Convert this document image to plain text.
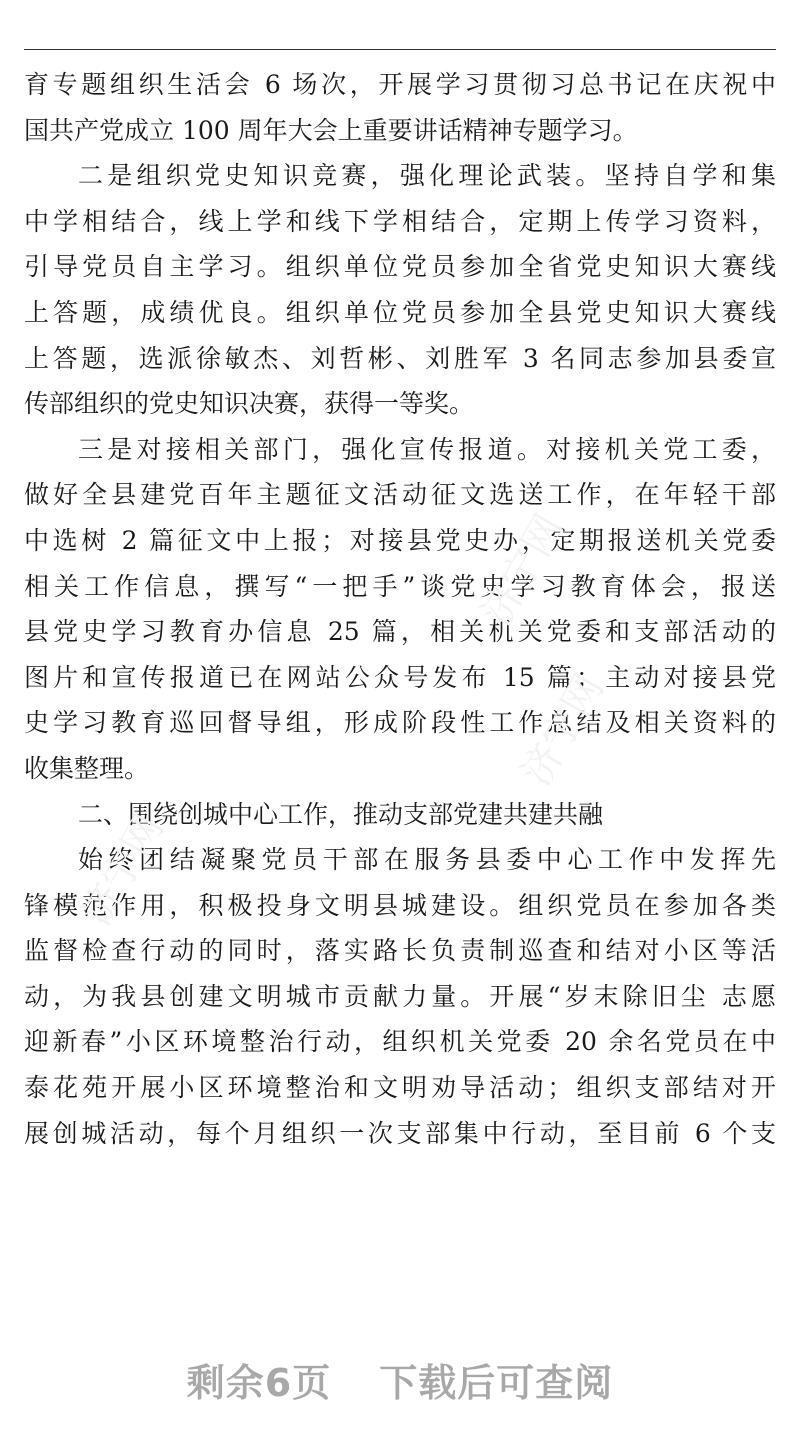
育专题组织生活会 6 场次，开展学习贯彻习总书记在庆祝中
国共产党成立 100 周年大会上重要讲话精神专题学习。
二是组织党史知识竞赛，强化理论武装。坚持自学和集
中学相结合，线上学和线下学相结合，定期上传学习资料，
引导党员自主学习。组织单位党员参加全省党史知识大赛线
上答题，成绩优良。组织单位党员参加全县党史知识大赛线
上答题，选派徐敏杰、刘哲彬、刘胜军 3 名同志参加县委宣
传部组织的党史知识决赛，获得一等奖。
三是对接相关部门，强化宣传报道。对接机关党工委，
做好全县建党百年主题征文活动征文选送工作，在年轻干部
中选树 2 篇征文中上报；对接县党史办，定期报送机关党委
相关工作信息，撰写“一把手”谈党史学习教育体会，报送
县党史学习教育办信息 25 篇，相关机关党委和支部活动的
图片和宣传报道已在网站公众号发布 15 篇；主动对接县党
史学习教育巡回督导组，形成阶段性工作总结及相关资料的
收集整理。
二、围绕创城中心工作，推动支部党建共建共融
始终团结凝聚党员干部在服务县委中心工作中发挥先
锋模范作用，积极投身文明县城建设。组织党员在参加各类
监督检查行动的同时，落实路长负责制巡查和结对小区等活
动，为我县创建文明城市贡献力量。开展“岁末除旧尘 志愿
迎新春”小区环境整治行动，组织机关党委 20 余名党员在中
泰花苑开展小区环境整治和文明劝导活动；组织支部结对开
展创城活动，每个月组织一次支部集中行动，至目前 6 个支
济宁网
济宁网
济宁网
剩余6页 下载后可查阅
